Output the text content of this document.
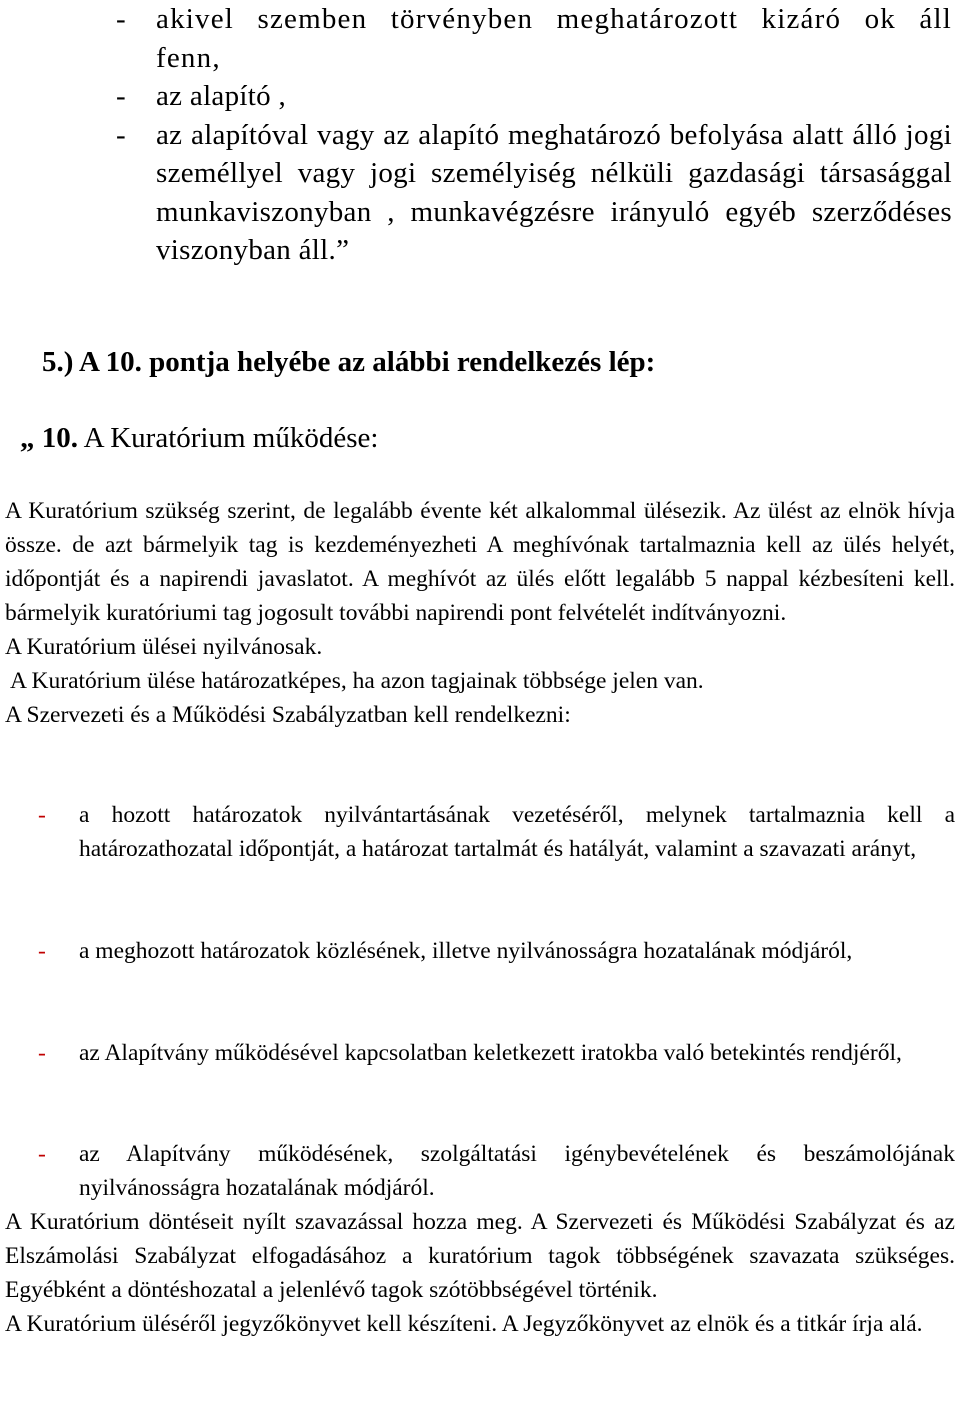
- akivel szemben törvényben meghatározott kizáró ok áll fenn,
- az alapító ,
- az alapítóval vagy az alapító meghatározó befolyása alatt álló jogi személlyel vagy jogi személyiség nélküli gazdasági társasággal munkaviszonyban , munkavégzésre irányuló egyéb szerződéses viszonyban áll.”
5.) A 10. pontja helyébe az alábbi rendelkezés lép:
„ 10. A Kuratórium működése:

A Kuratórium szükség szerint, de legalább évente két alkalommal ülésezik. Az ülést az elnök hívja össze. de azt bármelyik tag is kezdeményezheti A meghívónak tartalmaznia kell az ülés helyét, időpontját és a napirendi javaslatot. A meghívót az ülés előtt legalább 5 nappal kézbesíteni kell. bármelyik kuratóriumi tag jogosult további napirendi pont felvételét indítványozni.

A Kuratórium ülései nyilvánosak.

A Kuratórium ülése határozatképes, ha azon tagjainak többsége jelen van.

A Szervezeti és a Működési Szabályzatban kell rendelkezni:

- a hozott határozatok nyilvántartásának vezetéséről, melynek tartalmaznia kell a határozathozatal időpontját, a határozat tartalmát és hatályát, valamint a szavazati arányt,
- a meghozott határozatok közlésének, illetve nyilvánosságra hozatalának módjáról,
- az Alapítvány működésével kapcsolatban keletkezett iratokba való betekintés rendjéről,
- az Alapítvány működésének, szolgáltatási igénybevételének és beszámolójának nyilvánosságra hozatalának módjáról.

A Kuratórium döntéseit nyílt szavazással hozza meg. A Szervezeti és Működési Szabályzat és az Elszámolási Szabályzat elfogadásához a kuratórium tagok többségének szavazata szükséges. Egyébként a döntéshozatal a jelenlévő tagok szótöbbségével történik.

A Kuratórium üléséről jegyzőkönyvet kell készíteni. A Jegyzőkönyvet az elnök és a titkár írja alá.
